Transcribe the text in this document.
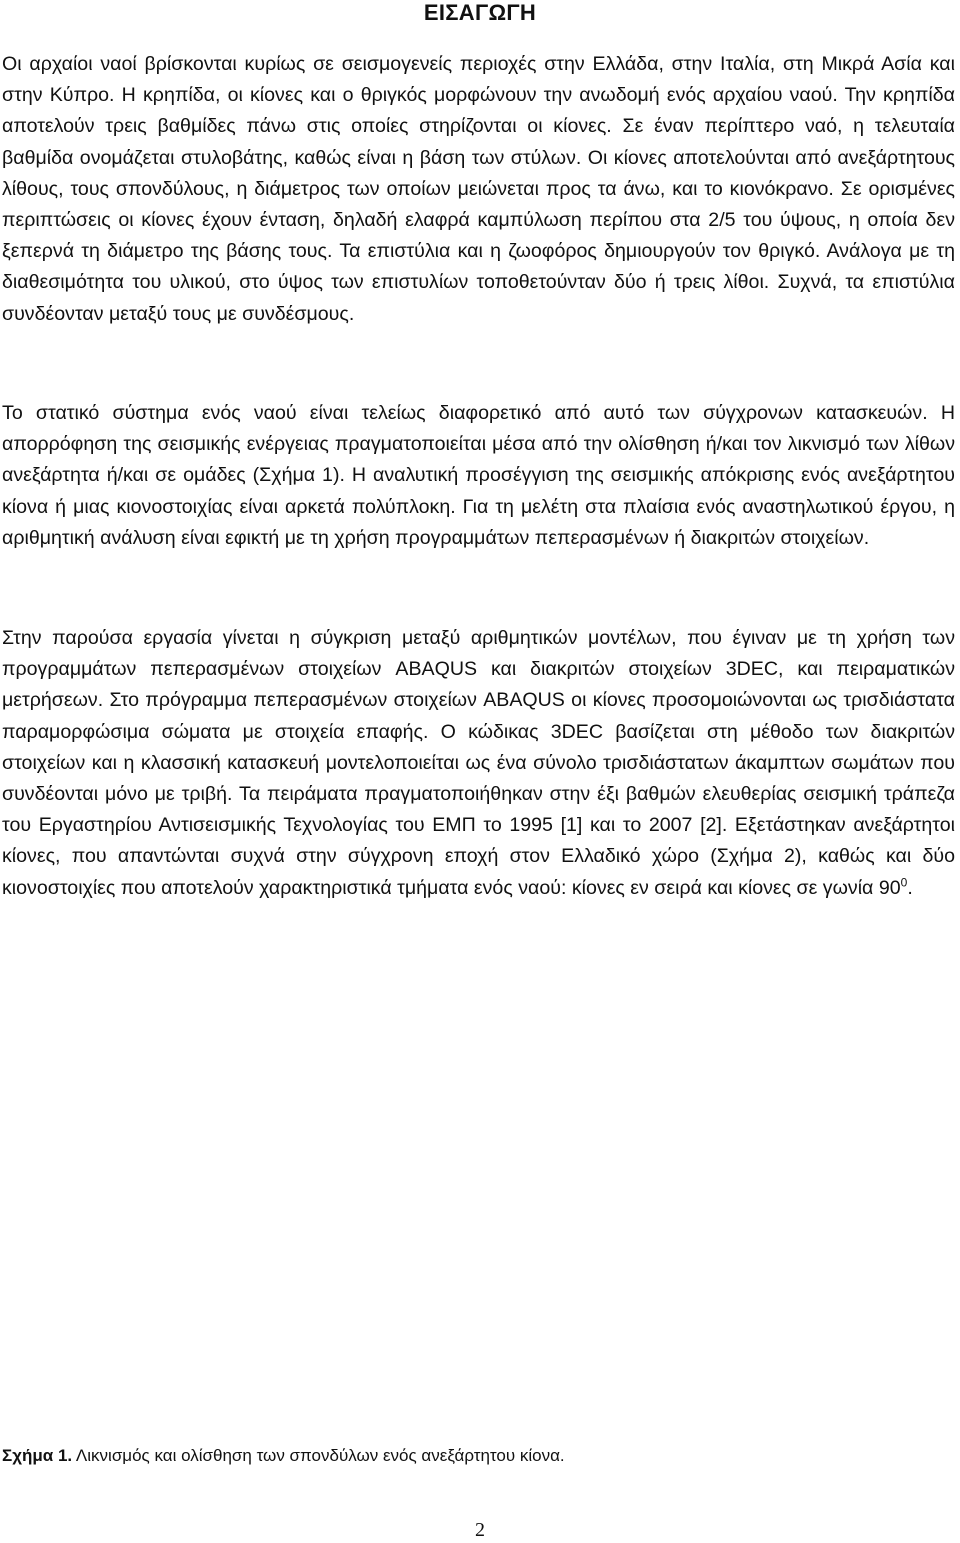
ΕΙΣΑΓΩΓΗ

Οι αρχαίοι ναοί βρίσκονται κυρίως σε σεισμογενείς περιοχές στην Ελλάδα, στην Ιταλία, στη Μικρά Ασία και στην Κύπρο. Η κρηπίδα, οι κίονες και ο θριγκός μορφώνουν την ανωδομή ενός αρχαίου ναού. Την κρηπίδα αποτελούν τρεις βαθμίδες πάνω στις οποίες στηρίζονται οι κίονες. Σε έναν περίπτερο ναό, η τελευταία βαθμίδα ονομάζεται στυλοβάτης, καθώς είναι η βάση των στύλων. Οι κίονες αποτελούνται από ανεξάρτητους λίθους, τους σπονδύλους, η διάμετρος των οποίων μειώνεται προς τα άνω, και το κιονόκρανο. Σε ορισμένες περιπτώσεις οι κίονες έχουν ένταση, δηλαδή ελαφρά καμπύλωση περίπου στα 2/5 του ύψους, η οποία δεν ξεπερνά τη διάμετρο της βάσης τους. Τα επιστύλια και η ζωοφόρος δημιουργούν τον θριγκό. Ανάλογα με τη διαθεσιμότητα του υλικού, στο ύψος των επιστυλίων τοποθετούνταν δύο ή τρεις λίθοι. Συχνά, τα επιστύλια συνδέονταν μεταξύ τους με συνδέσμους.

Το στατικό σύστημα ενός ναού είναι τελείως διαφορετικό από αυτό των σύγχρονων κατασκευών. Η απορρόφηση της σεισμικής ενέργειας πραγματοποιείται μέσα από την ολίσθηση ή/και τον λικνισμό των λίθων ανεξάρτητα ή/και σε ομάδες (Σχήμα 1). Η αναλυτική προσέγγιση της σεισμικής απόκρισης ενός ανεξάρτητου κίονα ή μιας κιονοστοιχίας είναι αρκετά πολύπλοκη. Για τη μελέτη στα πλαίσια ενός αναστηλωτικού έργου, η αριθμητική ανάλυση είναι εφικτή με τη χρήση προγραμμάτων πεπερασμένων ή διακριτών στοιχείων.

Στην παρούσα εργασία γίνεται η σύγκριση μεταξύ αριθμητικών μοντέλων, που έγιναν με τη χρήση των προγραμμάτων πεπερασμένων στοιχείων ABAQUS και διακριτών στοιχείων 3DEC, και πειραματικών μετρήσεων. Στο πρόγραμμα πεπερασμένων στοιχείων ABAQUS οι κίονες προσομοιώνονται ως τρισδιάστατα παραμορφώσιμα σώματα με στοιχεία επαφής. Ο κώδικας 3DEC βασίζεται στη μέθοδο των διακριτών στοιχείων και η κλασσική κατασκευή μοντελοποιείται ως ένα σύνολο τρισδιάστατων άκαμπτων σωμάτων που συνδέονται μόνο με τριβή. Τα πειράματα πραγματοποιήθηκαν στην έξι βαθμών ελευθερίας σεισμική τράπεζα του Εργαστηρίου Αντισεισμικής Τεχνολογίας του ΕΜΠ το 1995 [1] και το 2007 [2]. Εξετάστηκαν ανεξάρτητοι κίονες, που απαντώνται συχνά στην σύγχρονη εποχή στον Ελλαδικό χώρο (Σχήμα 2), καθώς και δύο κιονοστοιχίες που αποτελούν χαρακτηριστικά τμήματα ενός ναού: κίονες εν σειρά και κίονες σε γωνία $90^0$.

Σχήμα 1. Λικνισμός και ολίσθηση των σπονδύλων ενός ανεξάρτητου κίονα.
2
